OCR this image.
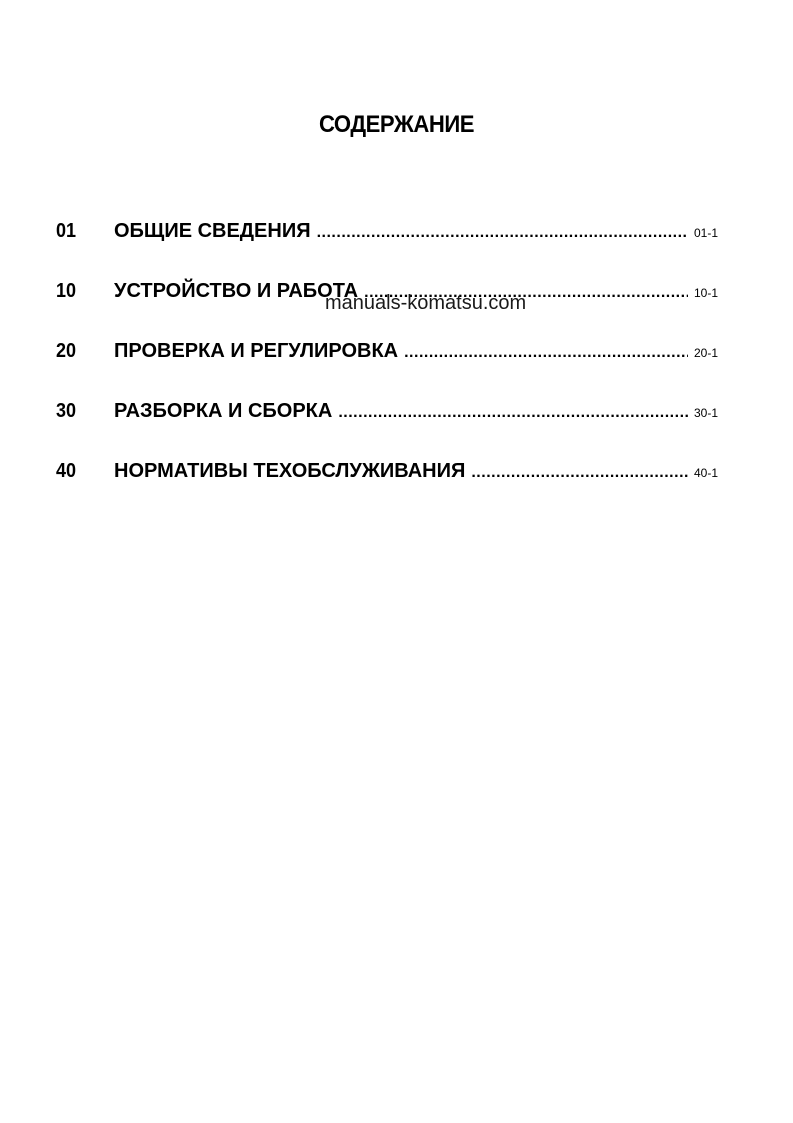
СОДЕРЖАНИЕ
01	ОБЩИЕ СВЕДЕНИЯ .....	01-1
10	УСТРОЙСТВО И РАБОТА .....	10-1
20	ПРОВЕРКА И РЕГУЛИРОВКА .....	20-1
30	РАЗБОРКА И СБОРКА .....	30-1
40	НОРМАТИВЫ ТЕХОБСЛУЖИВАНИЯ .....	40-1
manuals-komatsu.com
